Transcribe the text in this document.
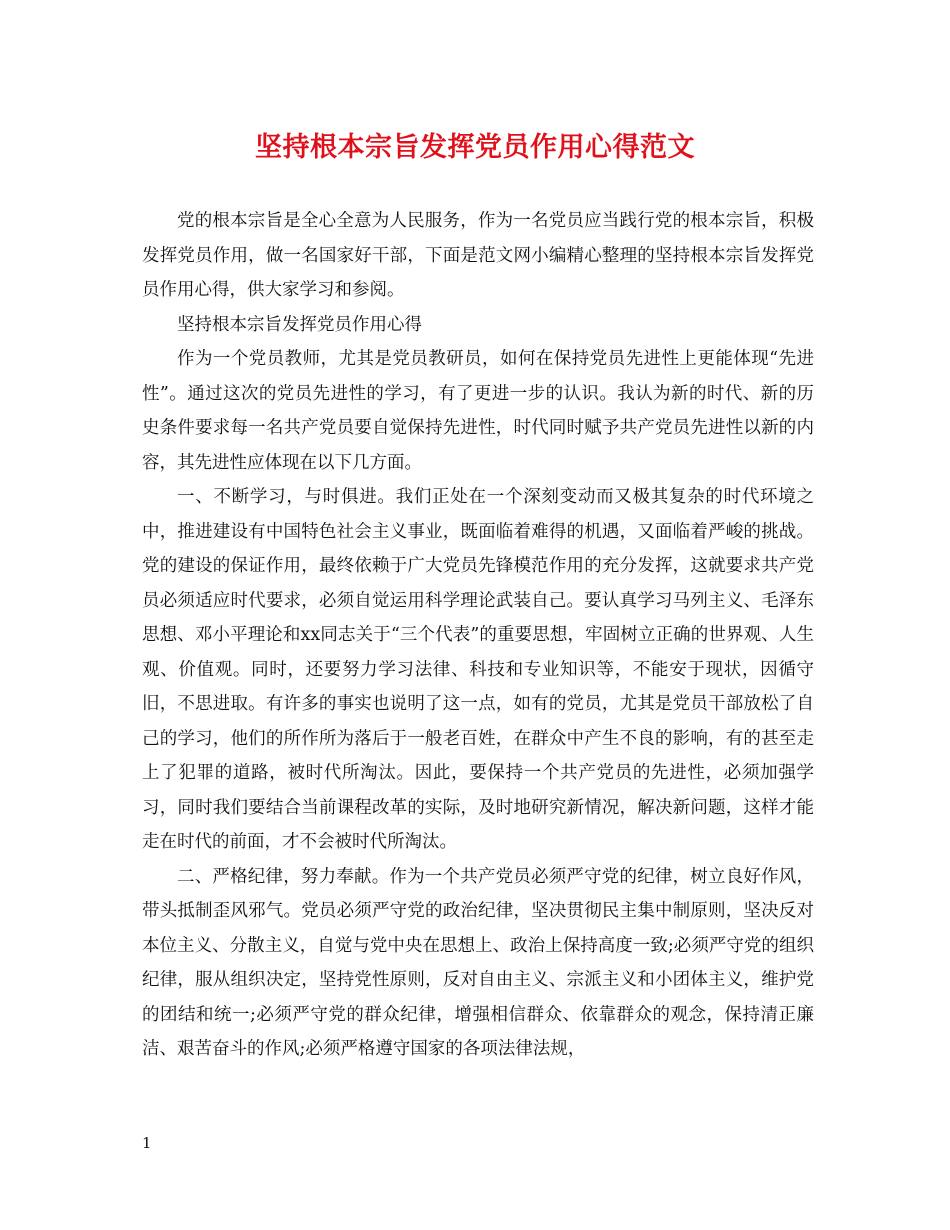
坚持根本宗旨发挥党员作用心得范文

党的根本宗旨是全心全意为人民服务，作为一名党员应当践行党的根本宗旨，积极发挥党员作用，做一名国家好干部，下面是范文网小编精心整理的坚持根本宗旨发挥党员作用心得，供大家学习和参阅。

坚持根本宗旨发挥党员作用心得

作为一个党员教师，尤其是党员教研员，如何在保持党员先进性上更能体现“先进性”。通过这次的党员先进性的学习，有了更进一步的认识。我认为新的时代、新的历史条件要求每一名共产党员要自觉保持先进性，时代同时赋予共产党员先进性以新的内容，其先进性应体现在以下几方面。

一、不断学习，与时俱进。我们正处在一个深刻变动而又极其复杂的时代环境之中，推进建设有中国特色社会主义事业，既面临着难得的机遇，又面临着严峻的挑战。党的建设的保证作用，最终依赖于广大党员先锋模范作用的充分发挥，这就要求共产党员必须适应时代要求，必须自觉运用科学理论武装自己。要认真学习马列主义、毛泽东思想、邓小平理论和xx同志关于“三个代表”的重要思想，牢固树立正确的世界观、人生观、价值观。同时，还要努力学习法律、科技和专业知识等，不能安于现状，因循守旧，不思进取。有许多的事实也说明了这一点，如有的党员，尤其是党员干部放松了自己的学习，他们的所作所为落后于一般老百姓，在群众中产生不良的影响，有的甚至走上了犯罪的道路，被时代所淘汰。因此，要保持一个共产党员的先进性，必须加强学习，同时我们要结合当前课程改革的实际，及时地研究新情况，解决新问题，这样才能走在时代的前面，才不会被时代所淘汰。

二、严格纪律，努力奉献。作为一个共产党员必须严守党的纪律，树立良好作风，带头抵制歪风邪气。党员必须严守党的政治纪律，坚决贯彻民主集中制原则，坚决反对本位主义、分散主义，自觉与党中央在思想上、政治上保持高度一致;必须严守党的组织纪律，服从组织决定，坚持党性原则，反对自由主义、宗派主义和小团体主义，维护党的团结和统一;必须严守党的群众纪律，增强相信群众、依靠群众的观念，保持清正廉洁、艰苦奋斗的作风;必须严格遵守国家的各项法律法规，

1
